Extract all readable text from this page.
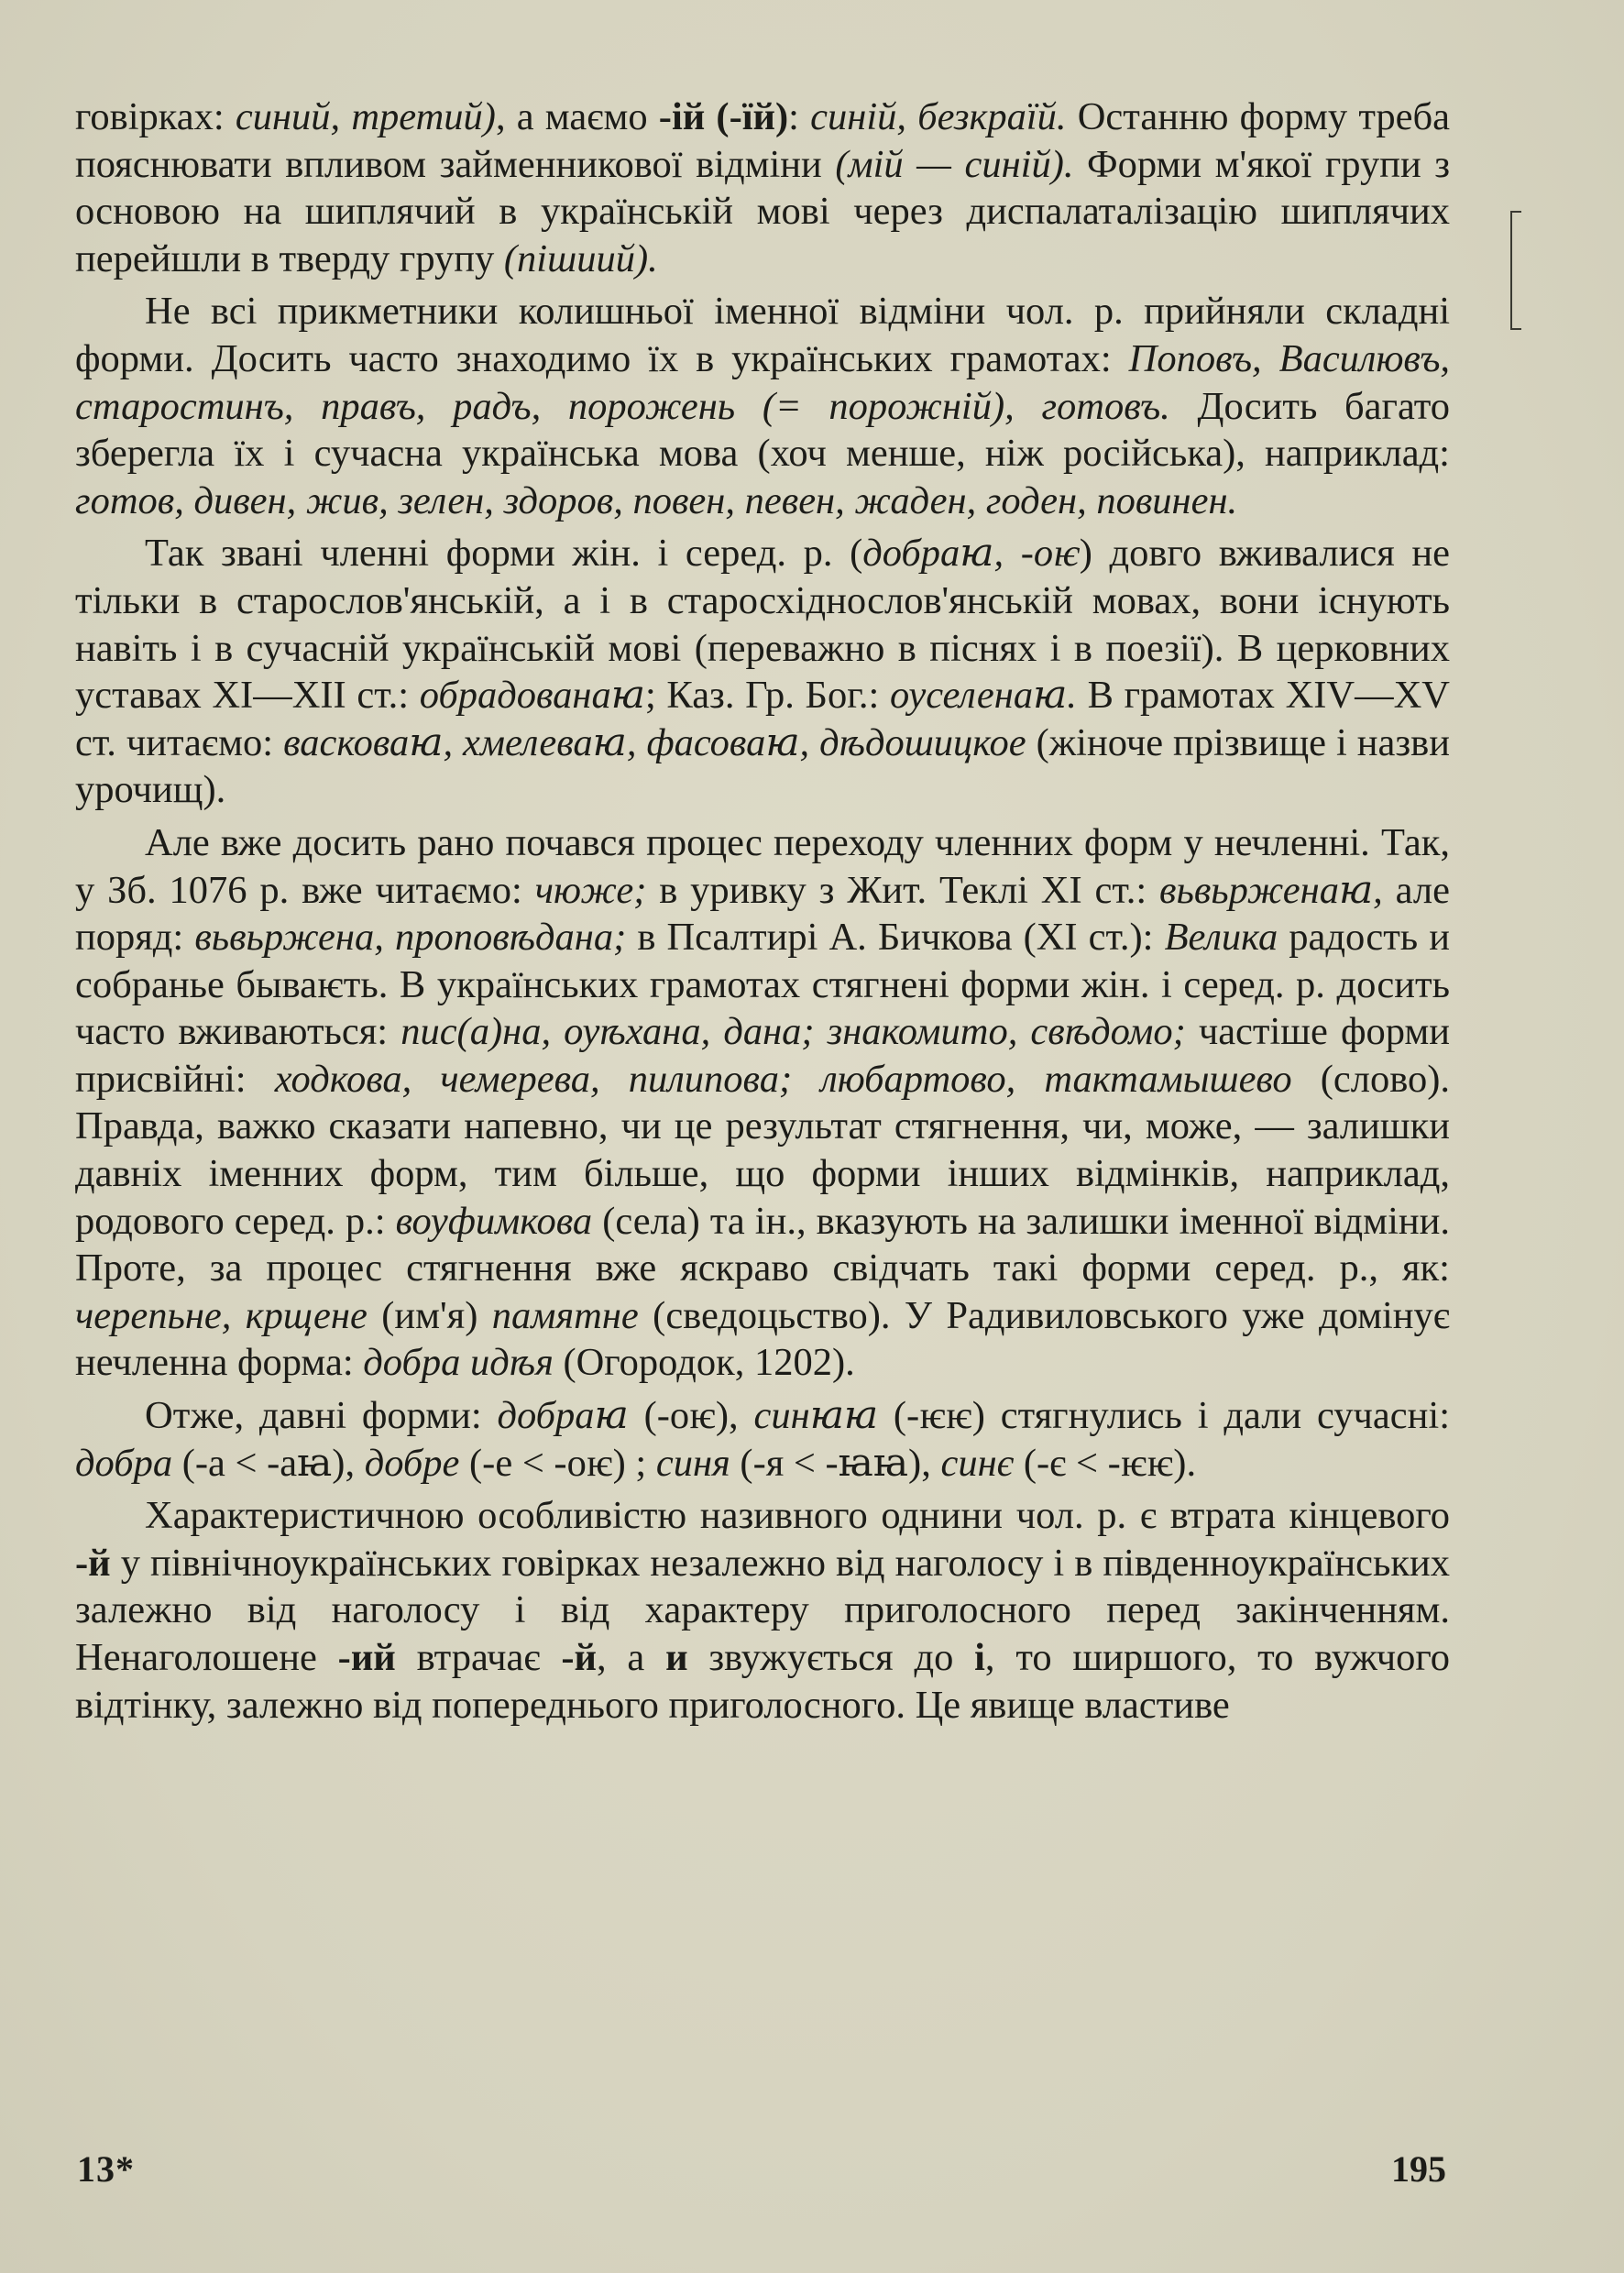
говірках: синий, третий), а маємо -ій (-їй): синій, безкраїй. Останню форму треба пояснювати впливом займенникової відміни (мій — синій). Форми м'якої групи з основою на шиплячий в українській мові через диспалаталізацію шиплячих перейшли в тверду групу (пішиий).

Не всі прикметники колишньої іменної відміни чол. р. прийняли складні форми. Досить часто знаходимо їх в українських грамотах: Поповъ, Василювъ, старостинъ, правъ, радъ, порожень (= порожній), готовъ. Досить багато зберегла їх і сучасна українська мова (хоч менше, ніж російська), наприклад: готов, дивен, жив, зелен, здоров, повен, певен, жаден, годен, повинен.

Так звані членні форми жін. і серед. р. (добраꙗ, -оѥ) довго вживалися не тільки в старослов'янській, а і в старосхіднослов'янській мовах, вони існують навіть і в сучасній українській мові (переважно в піснях і в поезії). В церковних уставах XI—XII ст.: обрадованаꙗ; Каз. Гр. Бог.: оуселенаꙗ. В грамотах XIV—XV ст. читаємо: васковаꙗ, хмелеваꙗ, фасоваꙗ, дѣдошицкое (жіноче прізвище і назви урочищ).

Але вже досить рано почався процес переходу членних форм у нечленні. Так, у Зб. 1076 р. вже читаємо: чюже; в уривку з Жит. Теклі XI ст.: вьвьрженаꙗ, але поряд: вьвьржена, проповѣдана; в Псалтирі А. Бичкова (XI ст.): Велика радость и собранье бываѥть. В українських грамотах стягнені форми жін. і серед. р. досить часто вживаються: пис(а)на, оуѣхана, дана; знакомито, свѣдомо; частіше форми присвійні: ходкова, чемерева, пилипова; любартово, тактамышево (слово). Правда, важко сказати напевно, чи це результат стягнення, чи, може, — залишки давніх іменних форм, тим більше, що форми інших відмінків, наприклад, родового серед. р.: воуфимкова (села) та ін., вказують на залишки іменної відміни. Проте, за процес стягнення вже яскраво свідчать такі форми серед. р., як: черепьне, крщене (им'я) памятне (сведоцьство). У Радивиловського уже домінує нечленна форма: добра идѣя (Огородок, 1202).

Отже, давні форми: добраꙗ (-оѥ), синꙗꙗ (-ѥѥ) стягнулись і дали сучасні: добра (-а < -аꙗ), добре (-е < -оѥ) ; синя (-я < -ꙗꙗ), синє (-є < -ѥѥ).

Характеристичною особливістю називного однини чол. р. є втрата кінцевого -й у північноукраїнських говірках незалежно від наголосу і в південноукраїнських залежно від наголосу і від характеру приголосного перед закінченням. Ненаголошене -ий втрачає -й, а и звужується до і, то ширшого, то вужчого відтінку, залежно від попереднього приголосного. Це явище властиве

13*	195
